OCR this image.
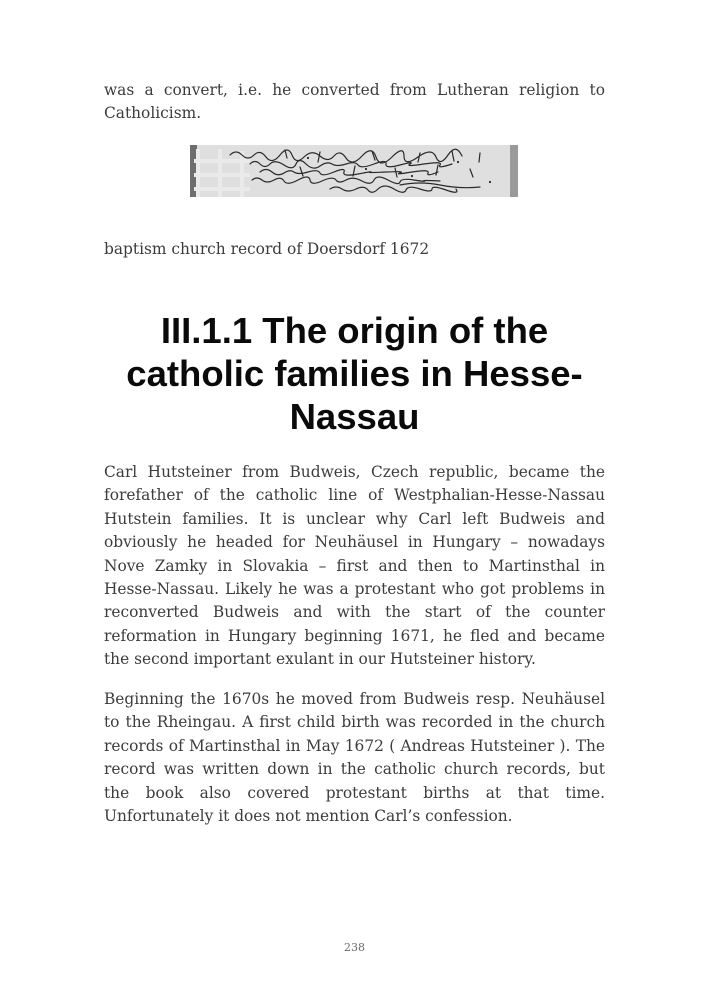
was a convert, i.e. he converted from Lutheran religion to Catholicism.

baptism church record of Doersdorf 1672

III.1.1 The origin of the catholic families in Hesse-Nassau

Carl Hutsteiner from Budweis, Czech republic, became the forefather of the catholic line of Westphalian-Hesse-Nassau Hutstein families. It is unclear why Carl left Budweis and obviously he headed for Neuhäusel in Hungary – nowadays Nove Zamky in Slovakia – first and then to Martinsthal in Hesse-Nassau. Likely he was a protestant who got problems in reconverted Budweis and with the start of the counter reformation in Hungary beginning 1671, he fled and became the second important exulant in our Hutsteiner history.

Beginning the 1670s he moved from Budweis resp. Neuhäusel to the Rheingau. A first child birth was recorded in the church records of Martinsthal in May 1672 ( Andreas Hutsteiner ). The record was written down in the catholic church records, but the book also covered protestant births at that time. Unfortunately it does not mention Carl’s confession.

238
